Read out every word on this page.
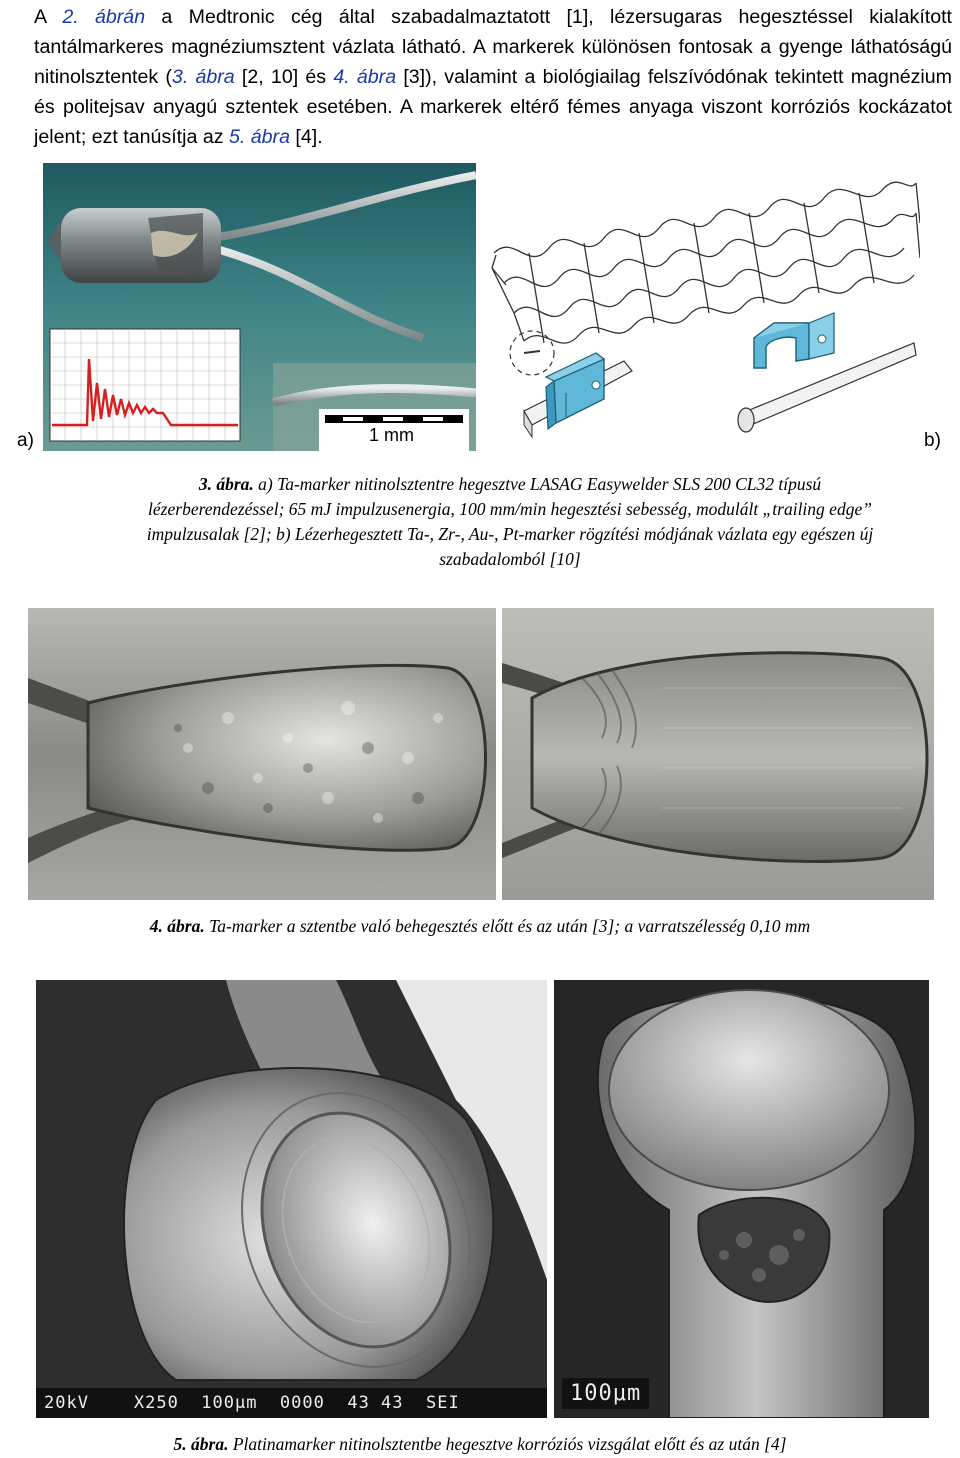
A 2. ábrán a Medtronic cég által szabadalmaztatott [1], lézersugaras hegesztéssel kialakított tantálmarkeres magnéziumsztent vázlata látható. A markerek különösen fontosak a gyenge láthatóságú nitinolsztentek (3. ábra [2, 10] és 4. ábra [3]), valamint a biológiailag felszívódónak tekintett magnézium és politejsav anyagú sztentek esetében. A markerek eltérő fémes anyaga viszont korróziós kockázatot jelent; ezt tanúsítja az 5. ábra [4].
1 mm
a)	b)
3. ábra. a) Ta-marker nitinolsztentre hegesztve LASAG Easywelder SLS 200 CL32 típusú lézerberendezéssel; 65 mJ impulzusenergia, 100 mm/min hegesztési sebesség, modulált „trailing edge” impulzusalak [2]; b) Lézerhegesztett Ta-, Zr-, Au-, Pt-marker rögzítési módjának vázlata egy egészen új szabadalomból [10]
4. ábra. Ta-marker a sztentbe való behegesztés előtt és az után [3]; a varratszélesség 0,10 mm
20kV    X250  100μm  0000  43 43  SEI	100μm
5. ábra. Platinamarker nitinolsztentbe hegesztve korróziós vizsgálat előtt és az után [4]
